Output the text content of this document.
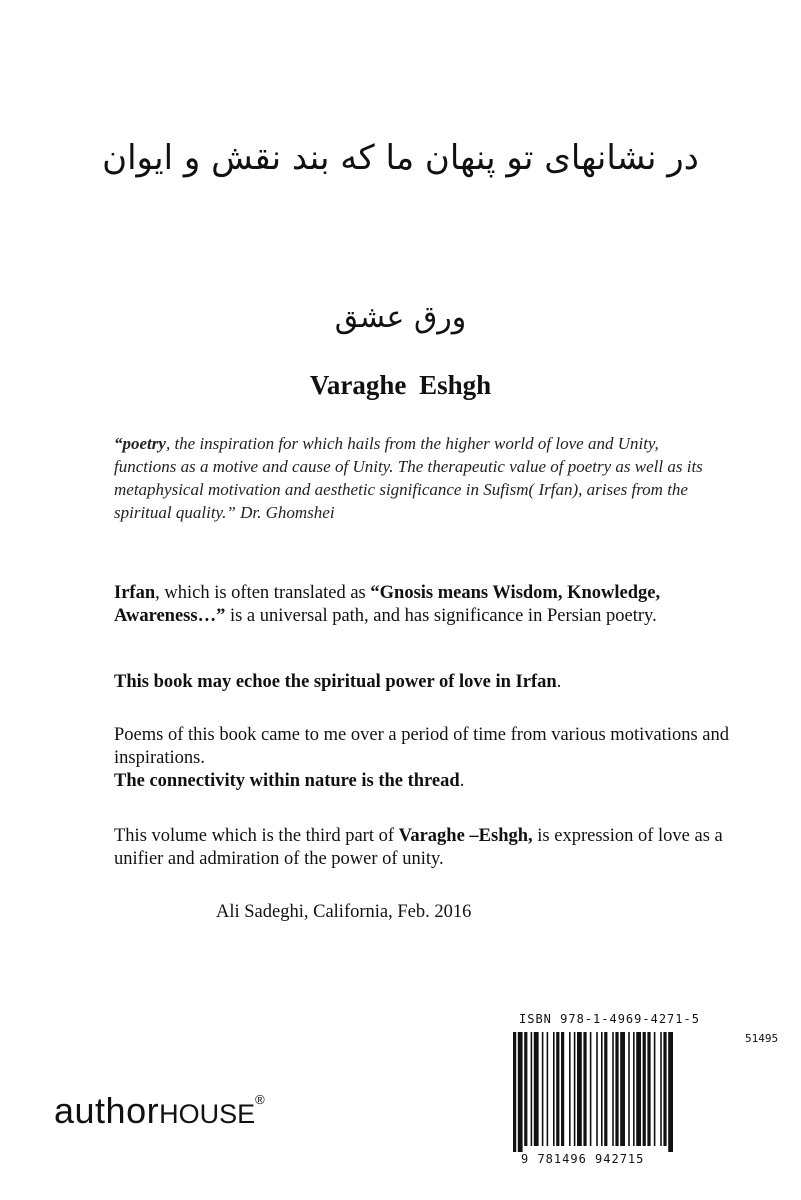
در نشانهای تو پنهان ما که بند نقش و ایوان
ورق عشق
Varaghe Eshgh
“poetry, the inspiration for which hails from the higher world of love and Unity, functions as a motive and cause of Unity. The therapeutic value of poetry as well as its metaphysical motivation and aesthetic significance in Sufism( Irfan), arises from the spiritual quality.” Dr. Ghomshei
Irfan, which is often translated as “Gnosis means Wisdom, Knowledge, Awareness…” is a universal path, and has significance in Persian poetry.
This book may echoe the spiritual power of love in Irfan.
Poems of this book came to me over a period of time from various motivations and inspirations.
The connectivity within nature is the thread.
This volume which is the third part of Varaghe –Eshgh, is expression of love as a unifier and admiration of the power of unity.
Ali Sadeghi, California, Feb. 2016
authorHOUSE®
ISBN 978-1-4969-4271-5
51495
9 781496 942715
